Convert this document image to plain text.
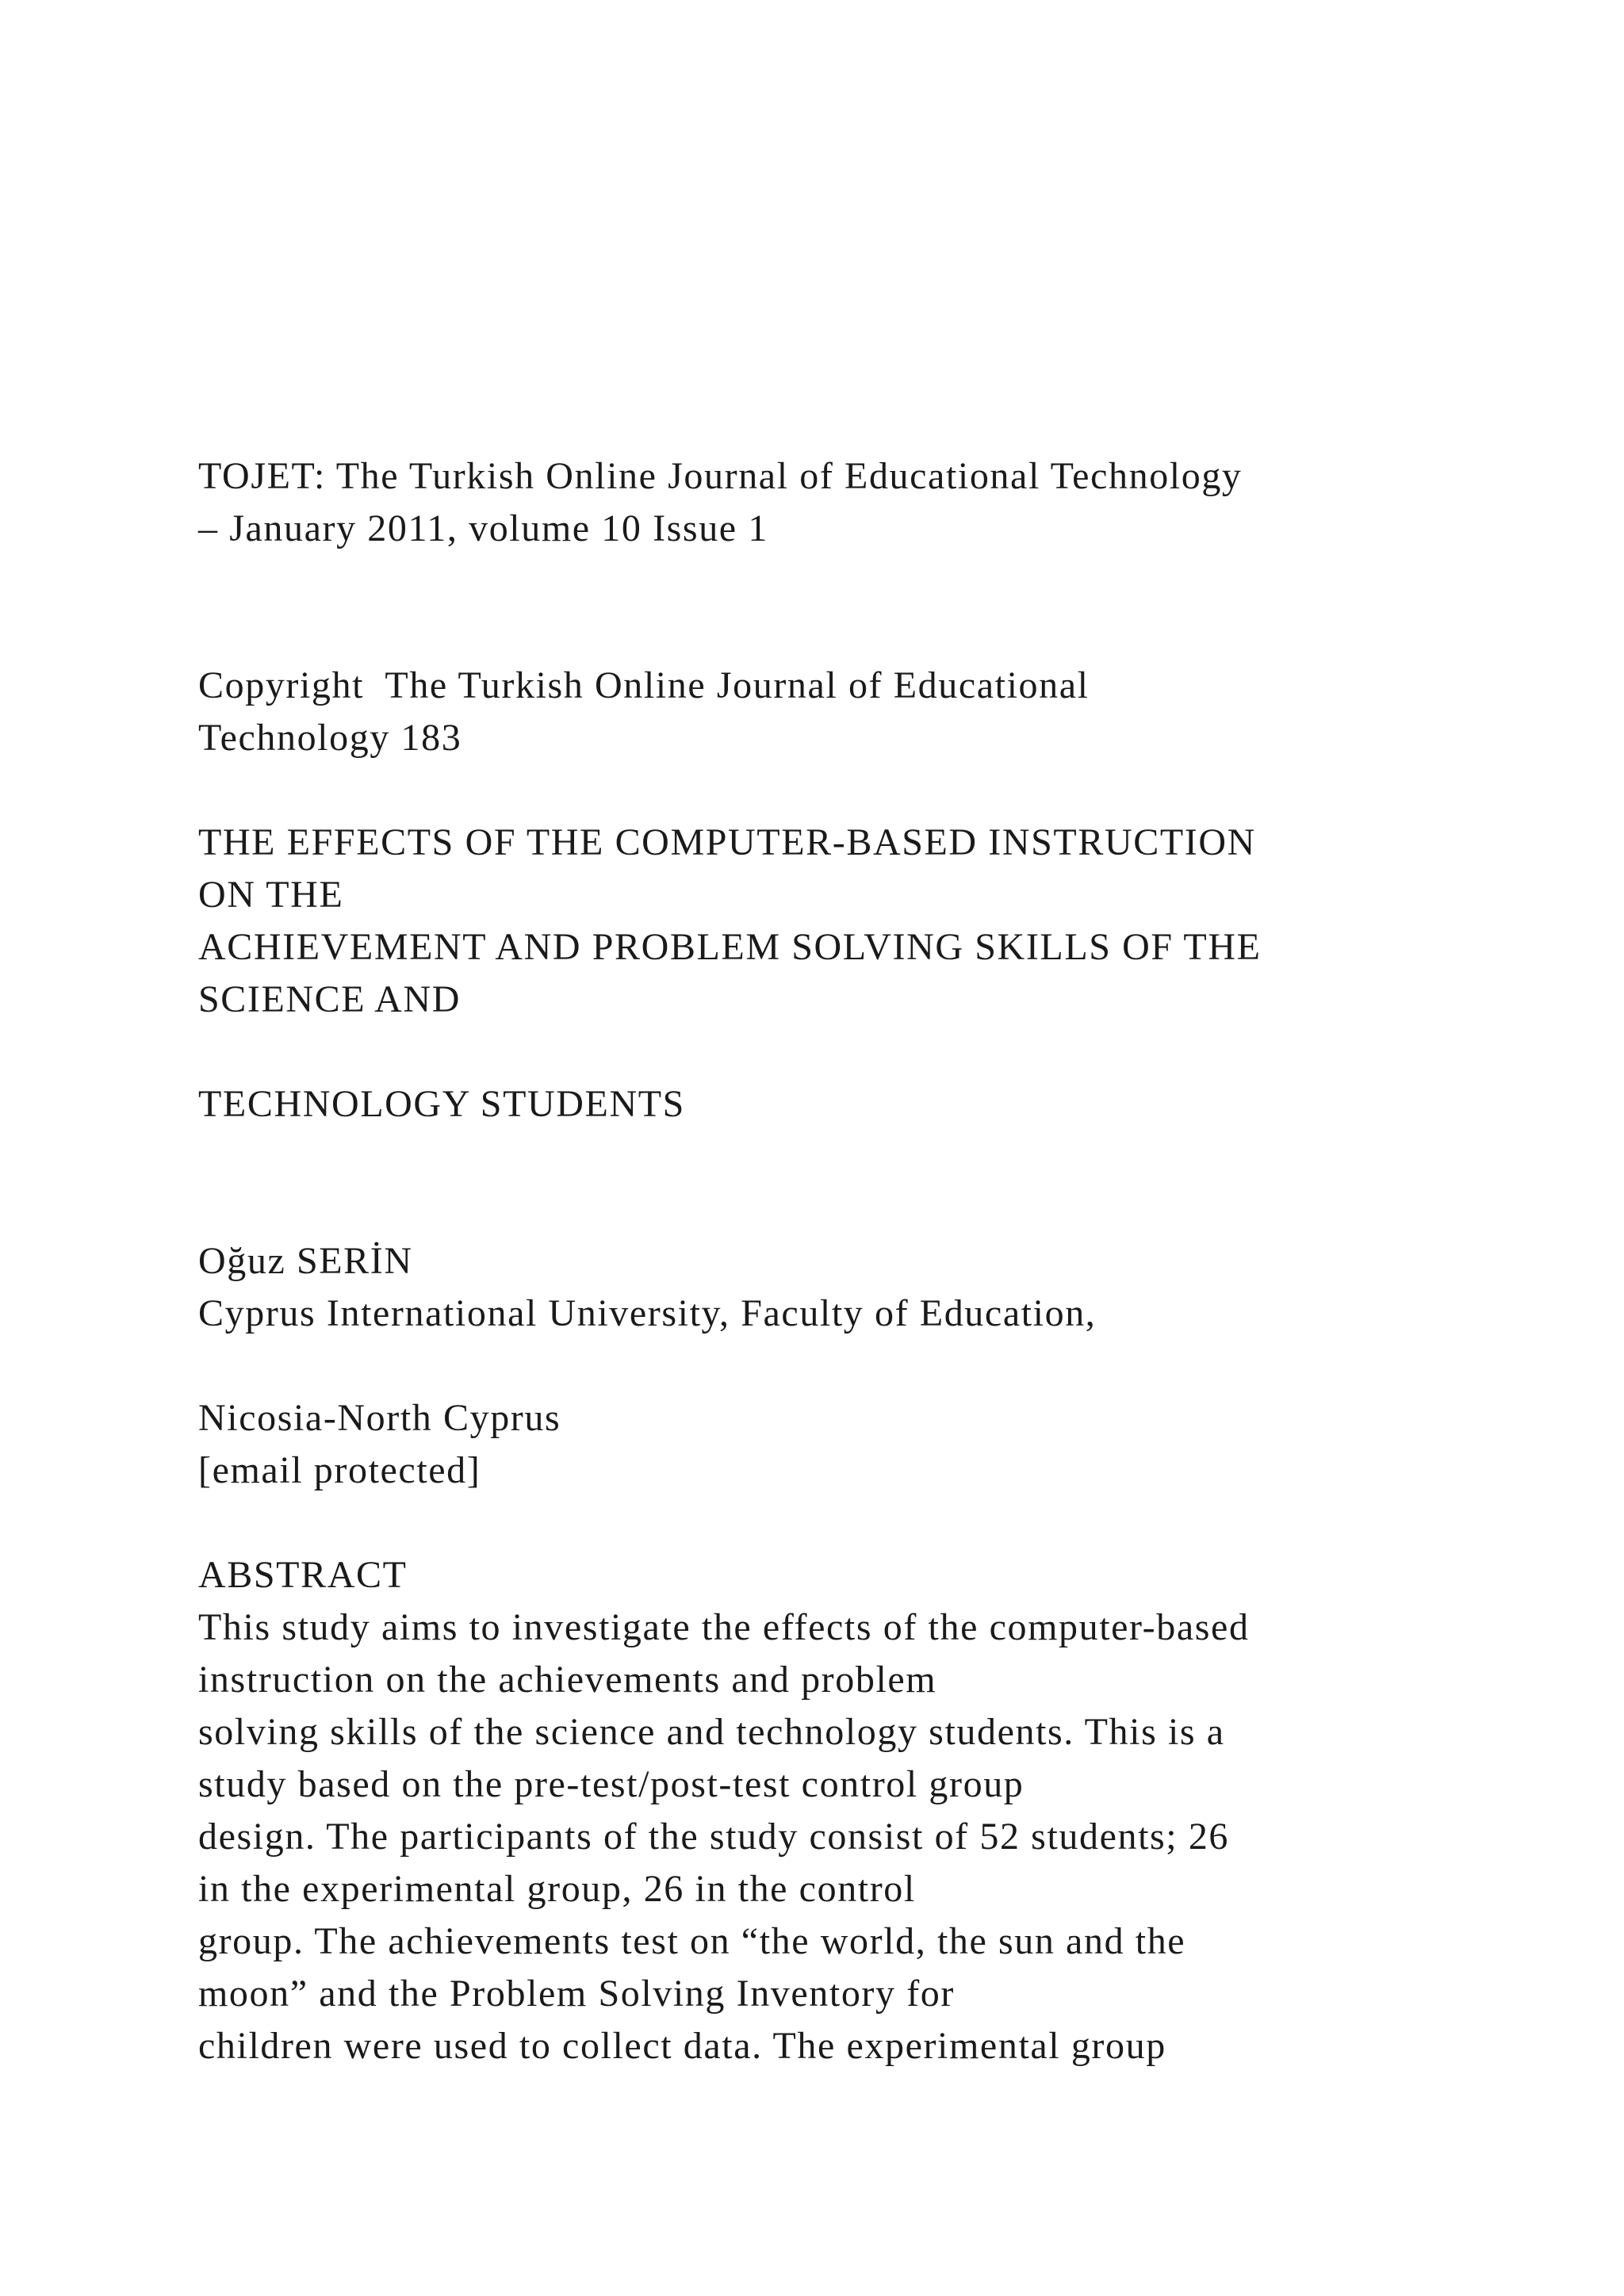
TOJET: The Turkish Online Journal of Educational Technology
– January 2011, volume 10 Issue 1
Copyright  The Turkish Online Journal of Educational
Technology 183
THE EFFECTS OF THE COMPUTER-BASED INSTRUCTION
ON THE
ACHIEVEMENT AND PROBLEM SOLVING SKILLS OF THE
SCIENCE AND
TECHNOLOGY STUDENTS
Oğuz SERİN
Cyprus International University, Faculty of Education,
Nicosia-North Cyprus
[email protected]
ABSTRACT
This study aims to investigate the effects of the computer-based
instruction on the achievements and problem
solving skills of the science and technology students. This is a
study based on the pre-test/post-test control group
design. The participants of the study consist of 52 students; 26
in the experimental group, 26 in the control
group. The achievements test on “the world, the sun and the
moon” and the Problem Solving Inventory for
children were used to collect data. The experimental group
